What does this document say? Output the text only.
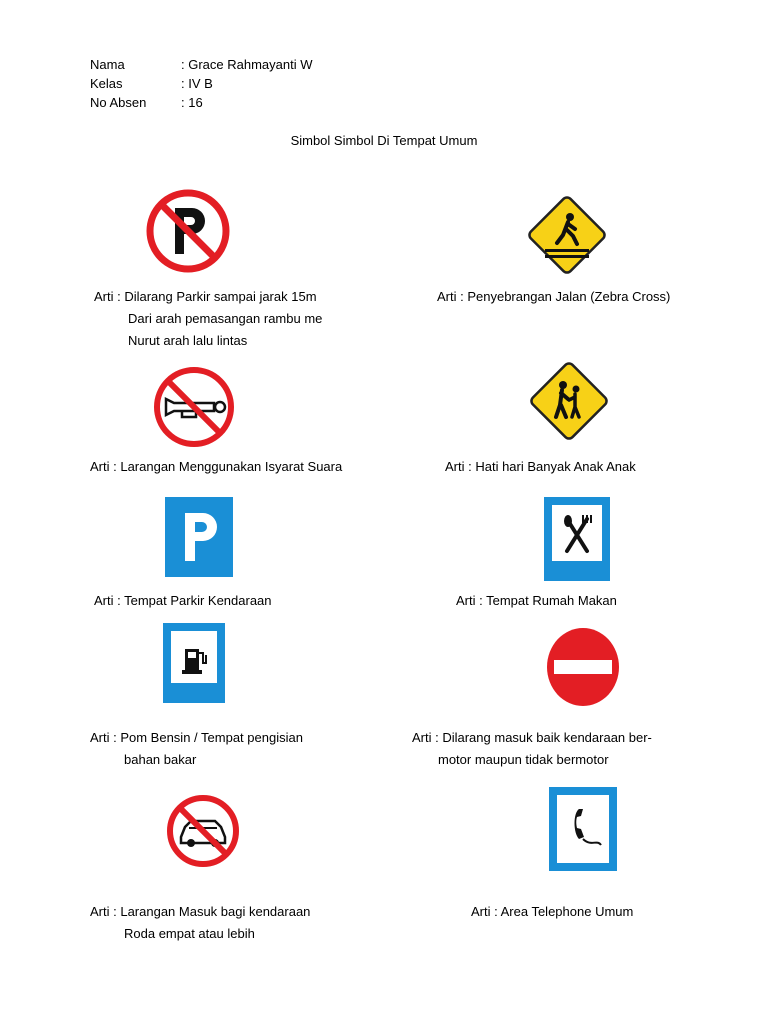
Nama	: Grace Rahmayanti W
Kelas	: IV B
No Absen	: 16
Simbol Simbol Di Tempat Umum
Arti : Dilarang Parkir sampai jarak 15m
Dari arah pemasangan rambu me
Nurut arah lalu lintas
Arti : Penyebrangan Jalan (Zebra Cross)
Arti : Larangan Menggunakan Isyarat Suara	Arti : Hati hari Banyak Anak Anak
Arti : Tempat Parkir Kendaraan	Arti : Tempat Rumah Makan
Arti : Pom Bensin / Tempat pengisian
bahan bakar
Arti : Dilarang masuk baik kendaraan ber-
motor maupun tidak bermotor
Arti : Larangan Masuk bagi kendaraan
Roda empat atau lebih
Arti : Area Telephone Umum
